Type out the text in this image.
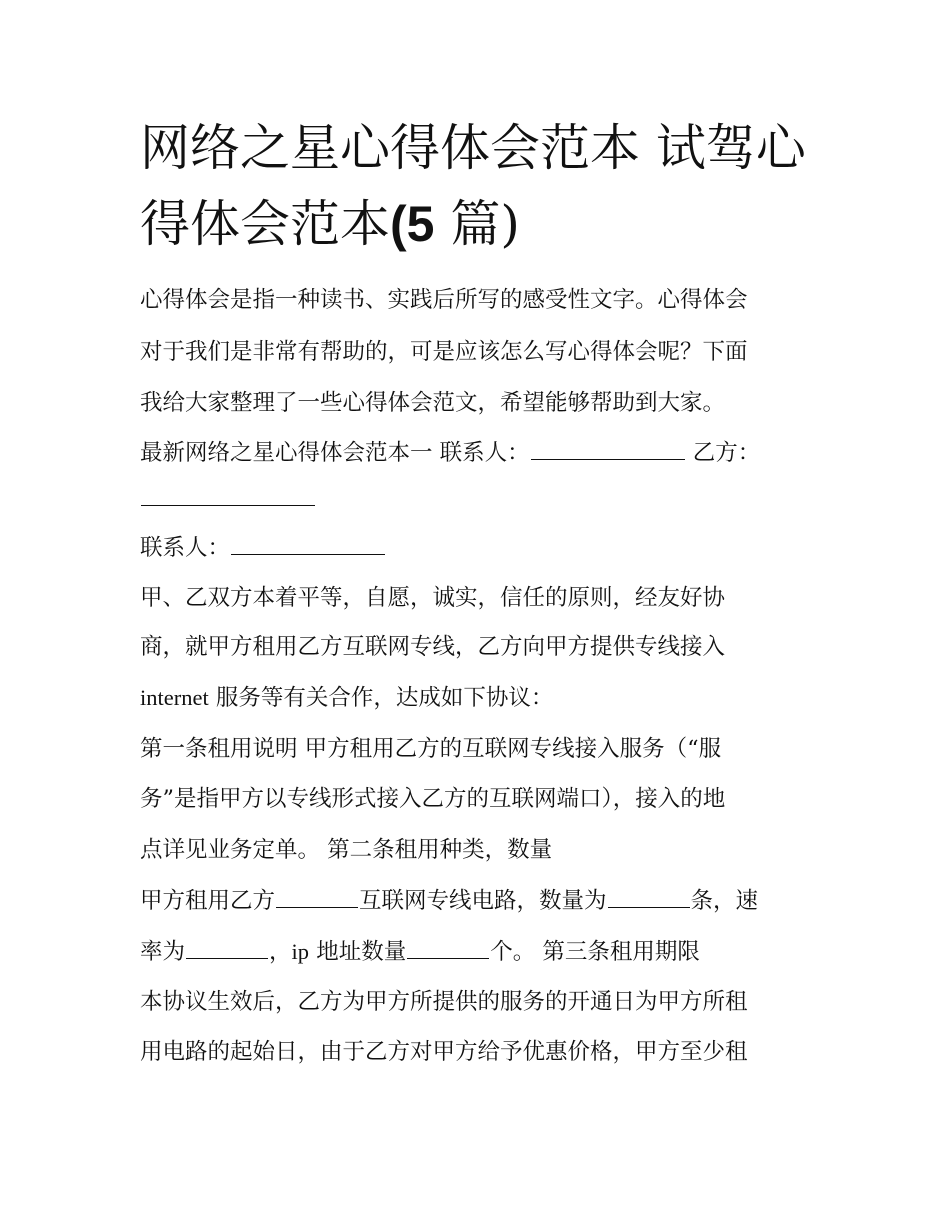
网络之星心得体会范本 试驾心
得体会范本(5 篇)

心得体会是指一种读书、实践后所写的感受性文字。心得体会

对于我们是非常有帮助的，可是应该怎么写心得体会呢？下面

我给大家整理了一些心得体会范文，希望能够帮助到大家。

最新网络之星心得体会范本一 联系人：	乙方：

联系人：

甲、乙双方本着平等，自愿，诚实，信任的原则，经友好协

商，就甲方租用乙方互联网专线，乙方向甲方提供专线接入

internet 服务等有关合作，达成如下协议：

第一条租用说明 甲方租用乙方的互联网专线接入服务（“服

务”是指甲方以专线形式接入乙方的互联网端口），接入的地

点详见业务定单。 第二条租用种类，数量

甲方租用乙方	互联网专线电路，数量为	条，速

率为	，ip 地址数量	个。 第三条租用期限

本协议生效后，乙方为甲方所提供的服务的开通日为甲方所租

用电路的起始日，由于乙方对甲方给予优惠价格，甲方至少租
